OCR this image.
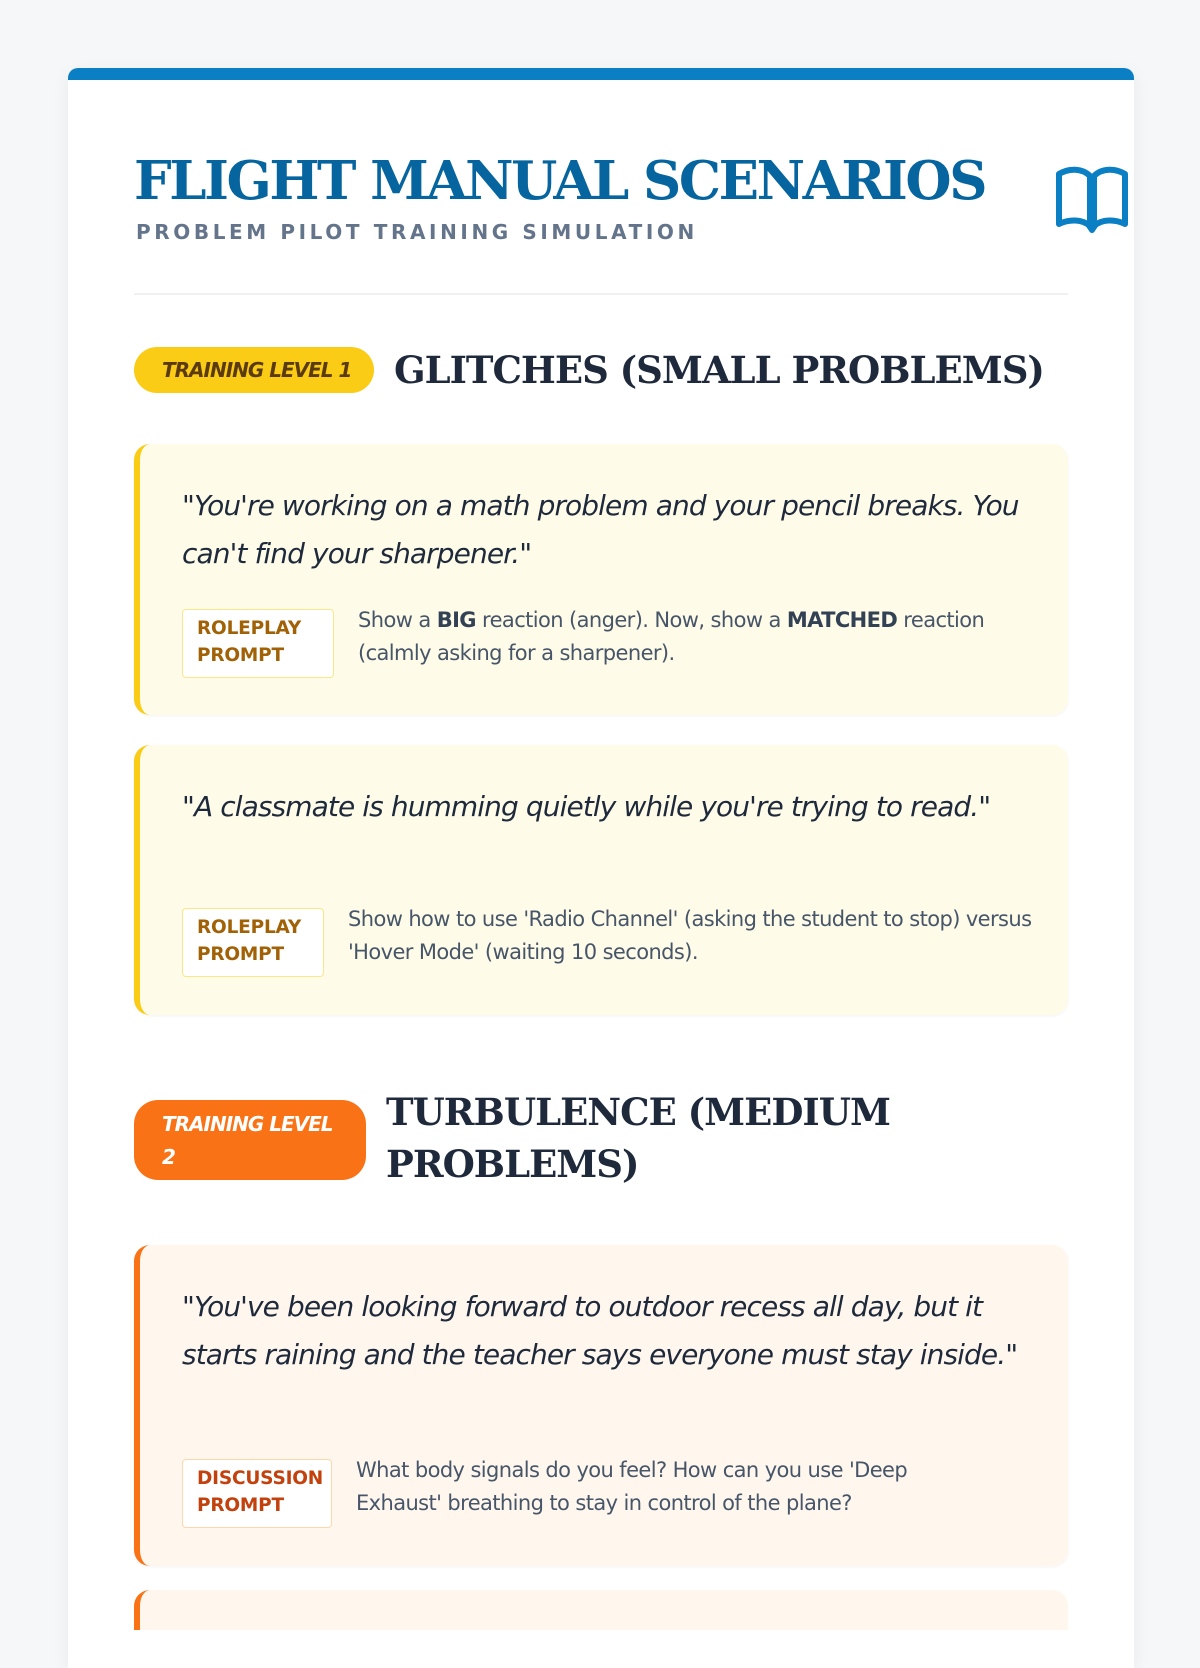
FLIGHT MANUAL SCENARIOS
PROBLEM PILOT TRAINING SIMULATION
TRAINING LEVEL 1	GLITCHES (SMALL PROBLEMS)

"You're working on a math problem and your pencil breaks. You can't find your sharpener."

ROLEPLAY PROMPT
Show a BIG reaction (anger). Now, show a MATCHED reaction (calmly asking for a sharpener).

"A classmate is humming quietly while you're trying to read."

ROLEPLAY PROMPT
Show how to use 'Radio Channel' (asking the student to stop) versus 'Hover Mode' (waiting 10 seconds).
TRAINING LEVEL 2
TURBULENCE (MEDIUM PROBLEMS)

"You've been looking forward to outdoor recess all day, but it starts raining and the teacher says everyone must stay inside."

DISCUSSION PROMPT
What body signals do you feel? How can you use 'Deep Exhaust' breathing to stay in control of the plane?
